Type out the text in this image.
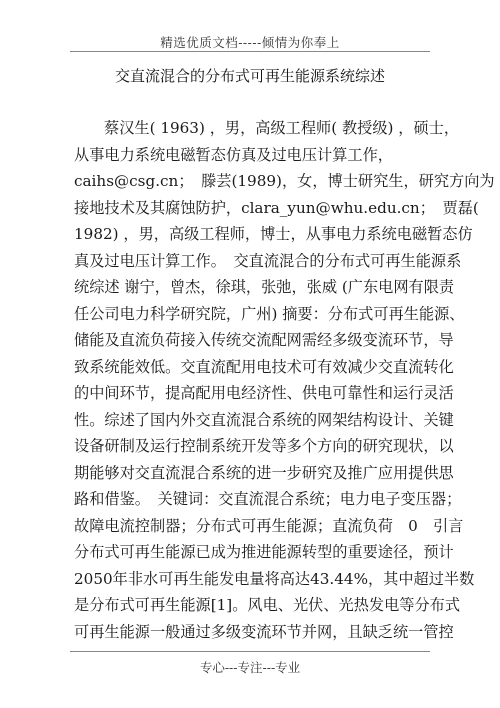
精选优质文档-----倾情为你奉上
交直流混合的分布式可再生能源系统综述
蔡汉生( 1963) ，男，高级工程师( 教授级) ，硕士，
从事电力系统电磁暂态仿真及过电压计算工作，
caihs@csg.cn；　滕芸(1989)，女，博士研究生，研究方向为
接地技术及其腐蚀防护，clara_yun@whu.edu.cn；　贾磊(
1982) ，男，高级工程师，博士，从事电力系统电磁暂态仿
真及过电压计算工作。　交直流混合的分布式可再生能源系
统综述 谢宁，曾杰，徐琪，张弛，张威 (广东电网有限责
任公司电力科学研究院，广州) 摘要：分布式可再生能源、
储能及直流负荷接入传统交流配网需经多级变流环节，导
致系统能效低。交直流配用电技术可有效减少交直流转化
的中间环节，提高配用电经济性、供电可靠性和运行灵活
性。综述了国内外交直流混合系统的网架结构设计、关键
设备研制及运行控制系统开发等多个方向的研究现状，以
期能够对交直流混合系统的进一步研究及推广应用提供思
路和借鉴。　关键词：交直流混合系统；电力电子变压器；
故障电流控制器；分布式可再生能源；直流负荷　0　引言
分布式可再生能源已成为推进能源转型的重要途径，预计
2050年非水可再生能发电量将高达43.44%，其中超过半数
是分布式可再生能源[1]。风电、光伏、光热发电等分布式
可再生能源一般通过多级变流环节并网，且缺乏统一管控
专心---专注---专业
